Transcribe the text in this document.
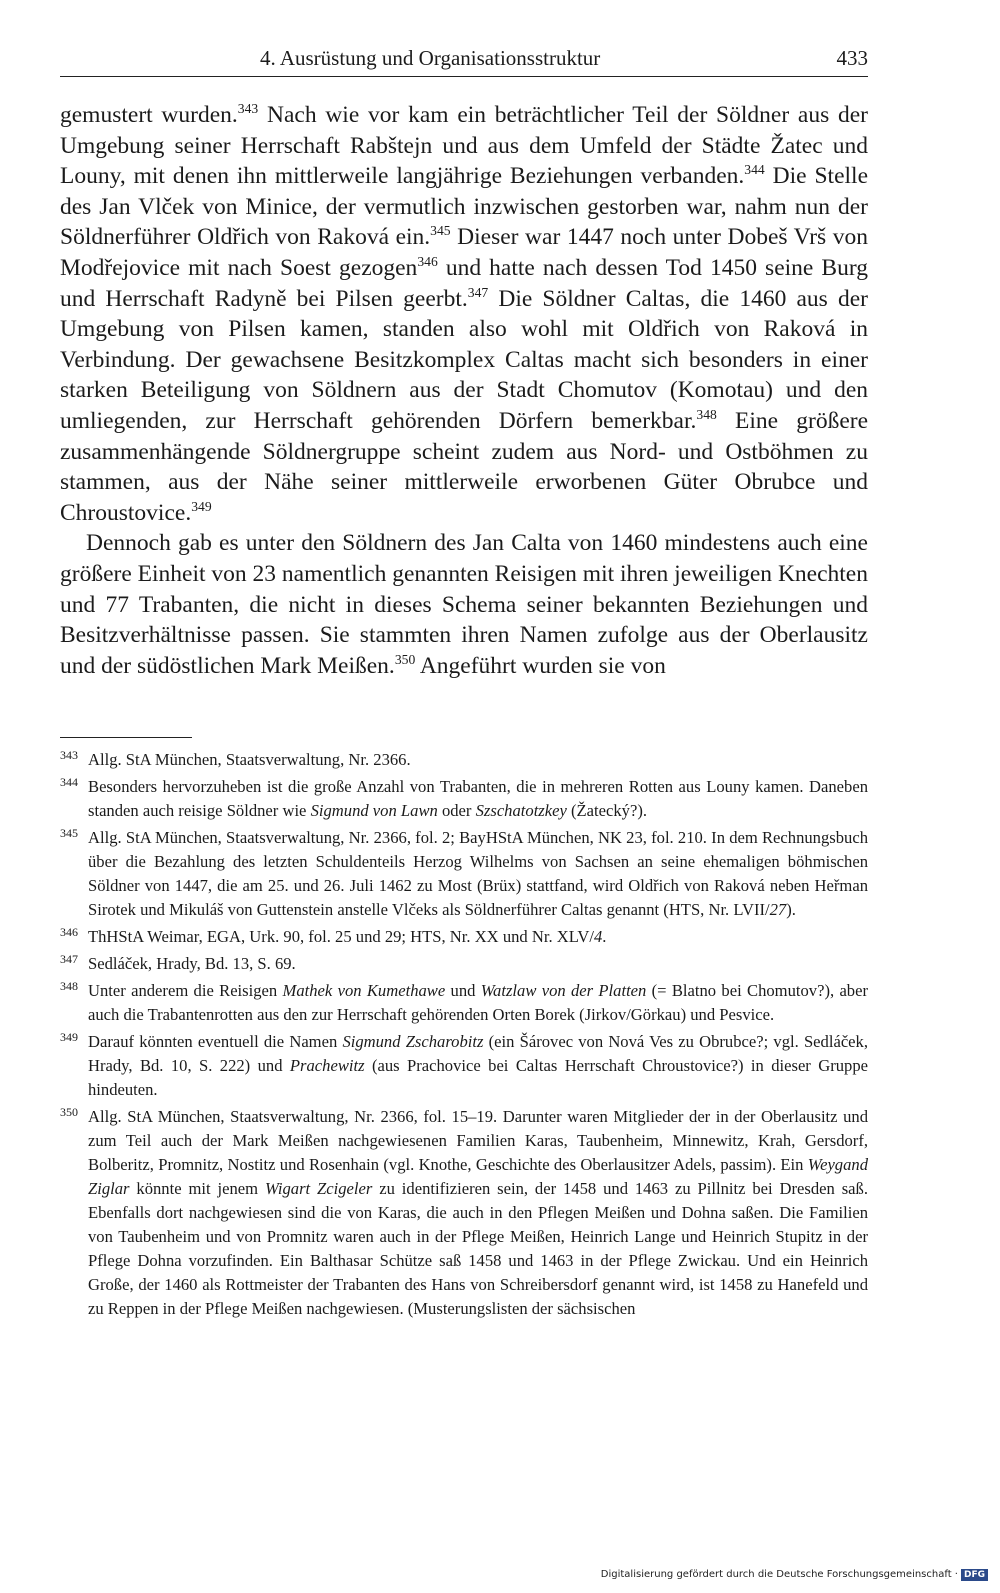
4. Ausrüstung und Organisationsstruktur	433

gemustert wurden.$^{343}$ Nach wie vor kam ein beträchtlicher Teil der Söldner aus der Umgebung seiner Herrschaft Rabštejn und aus dem Umfeld der Städte Žatec und Louny, mit denen ihn mittlerweile langjährige Beziehungen verbanden.$^{344}$ Die Stelle des Jan Vlček von Minice, der vermutlich inzwischen gestorben war, nahm nun der Söldnerführer Oldřich von Raková ein.$^{345}$ Dieser war 1447 noch unter Dobeš Vrš von Modřejovice mit nach Soest gezogen$^{346}$ und hatte nach dessen Tod 1450 seine Burg und Herrschaft Radyně bei Pilsen geerbt.$^{347}$ Die Söldner Caltas, die 1460 aus der Umgebung von Pilsen kamen, standen also wohl mit Oldřich von Raková in Verbindung. Der gewachsene Besitzkomplex Caltas macht sich besonders in einer starken Beteiligung von Söldnern aus der Stadt Chomutov (Komotau) und den umliegenden, zur Herrschaft gehörenden Dörfern bemerkbar.$^{348}$ Eine größere zusammenhängende Söldnergruppe scheint zudem aus Nord- und Ostböhmen zu stammen, aus der Nähe seiner mittlerweile erworbenen Güter Obrubce und Chroustovice.$^{349}$

Dennoch gab es unter den Söldnern des Jan Calta von 1460 mindestens auch eine größere Einheit von 23 namentlich genannten Reisigen mit ihren jeweiligen Knechten und 77 Trabanten, die nicht in dieses Schema seiner bekannten Beziehungen und Besitzverhältnisse passen. Sie stammten ihren Namen zufolge aus der Oberlausitz und der südöstlichen Mark Meißen.$^{350}$ Angeführt wurden sie von

343 Allg. StA München, Staatsverwaltung, Nr. 2366.
344 Besonders hervorzuheben ist die große Anzahl von Trabanten, die in mehreren Rotten aus Louny kamen. Daneben standen auch reisige Söldner wie Sigmund von Lawn oder Szschatotzkey (Žatecký?).
345 Allg. StA München, Staatsverwaltung, Nr. 2366, fol. 2; BayHStA München, NK 23, fol. 210. In dem Rechnungsbuch über die Bezahlung des letzten Schuldenteils Herzog Wilhelms von Sachsen an seine ehemaligen böhmischen Söldner von 1447, die am 25. und 26. Juli 1462 zu Most (Brüx) stattfand, wird Oldřich von Raková neben Heřman Sirotek und Mikuláš von Guttenstein anstelle Vlčeks als Söldnerführer Caltas genannt (HTS, Nr. LVII/27).
346 ThHStA Weimar, EGA, Urk. 90, fol. 25 und 29; HTS, Nr. XX und Nr. XLV/4.
347 Sedláček, Hrady, Bd. 13, S. 69.
348 Unter anderem die Reisigen Mathek von Kumethawe und Watzlaw von der Platten (= Blatno bei Chomutov?), aber auch die Trabantenrotten aus den zur Herrschaft gehörenden Orten Borek (Jirkov/Görkau) und Pesvice.
349 Darauf könnten eventuell die Namen Sigmund Zscharobitz (ein Šárovec von Nová Ves zu Obrubce?; vgl. Sedláček, Hrady, Bd. 10, S. 222) und Prachewitz (aus Prachovice bei Caltas Herrschaft Chroustovice?) in dieser Gruppe hindeuten.
350 Allg. StA München, Staatsverwaltung, Nr. 2366, fol. 15–19. Darunter waren Mitglieder der in der Oberlausitz und zum Teil auch der Mark Meißen nachgewiesenen Familien Karas, Taubenheim, Minnewitz, Krah, Gersdorf, Bolberitz, Promnitz, Nostitz und Rosenhain (vgl. Knothe, Geschichte des Oberlausitzer Adels, passim). Ein Weygand Ziglar könnte mit jenem Wigart Zcigeler zu identifizieren sein, der 1458 und 1463 zu Pillnitz bei Dresden saß. Ebenfalls dort nachgewiesen sind die von Karas, die auch in den Pflegen Meißen und Dohna saßen. Die Familien von Taubenheim und von Promnitz waren auch in der Pflege Meißen, Heinrich Lange und Heinrich Stupitz in der Pflege Dohna vorzufinden. Ein Balthasar Schütze saß 1458 und 1463 in der Pflege Zwickau. Und ein Heinrich Große, der 1460 als Rottmeister der Trabanten des Hans von Schreibersdorf genannt wird, ist 1458 zu Hanefeld und zu Reppen in der Pflege Meißen nachgewiesen. (Musterungslisten der sächsischen
Digitalisierung gefördert durch die Deutsche Forschungsgemeinschaft · DFG
